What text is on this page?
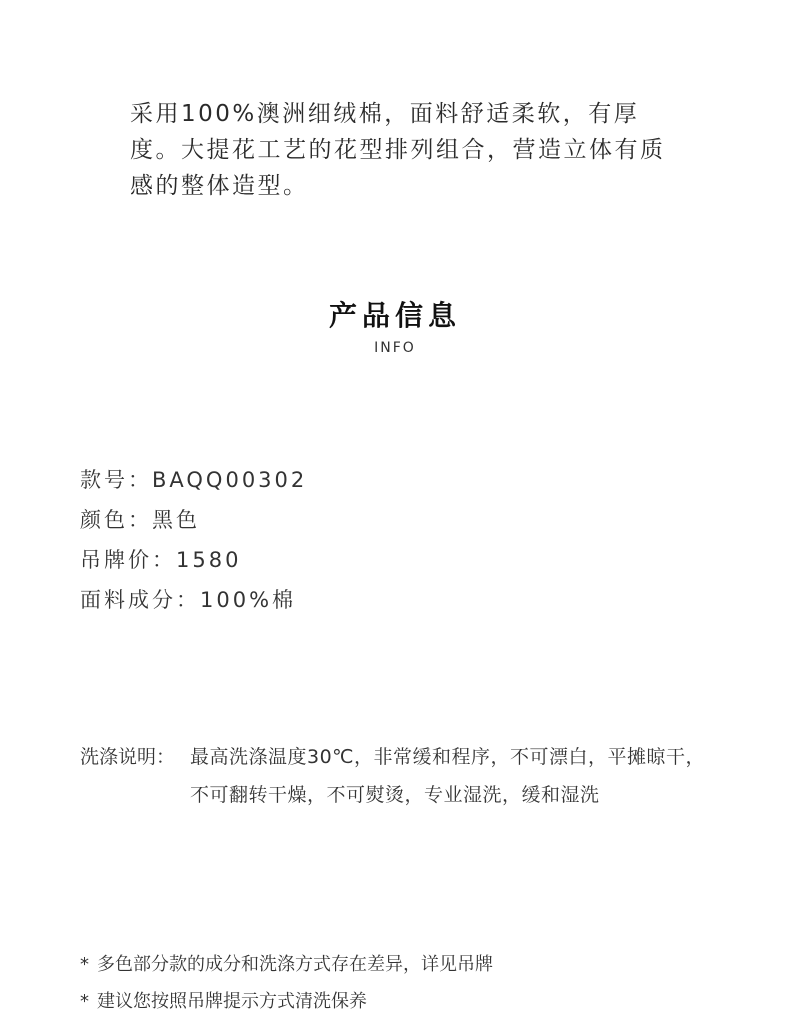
采用100%澳洲细绒棉，面料舒适柔软，有厚度。大提花工艺的花型排列组合，营造立体有质感的整体造型。
产品信息
INFO
款号：BAQQ00302
颜色：黑色
吊牌价：1580
面料成分：100%棉
洗涤说明： 最高洗涤温度30℃，非常缓和程序，不可漂白，平摊晾干，不可翻转干燥，不可熨烫，专业湿洗，缓和湿洗
* 多色部分款的成分和洗涤方式存在差异，详见吊牌
* 建议您按照吊牌提示方式清洗保养
